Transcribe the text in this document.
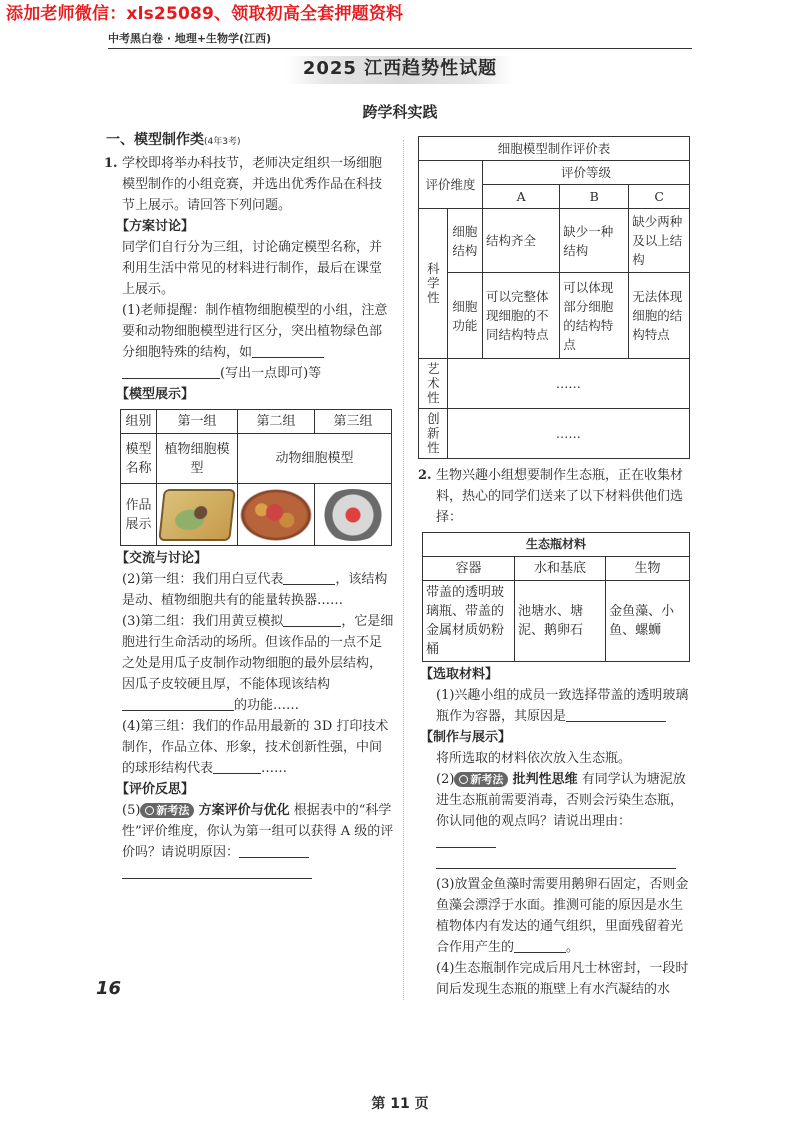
添加老师微信：xls25089、领取初高全套押题资料
中考黑白卷 · 地理+生物学(江西)
2025 江西趋势性试题
跨学科实践
一、模型制作类(4年3考)

1. 学校即将举办科技节，老师决定组织一场细胞模型制作的小组竞赛，并选出优秀作品在科技节上展示。请回答下列问题。

【方案讨论】

同学们自行分为三组，讨论确定模型名称，并利用生活中常见的材料进行制作，最后在课堂上展示。

(1)老师提醒：制作植物细胞模型的小组，注意要和动物细胞模型进行区分，突出植物绿色部分细胞特殊的结构，如
(写出一点即可)等

【模型展示】
组别	第一组	第二组	第三组
模型名称	植物细胞模型	动物细胞模型	
作品展示	

【交流与讨论】

(2)第一组：我们用白豆代表	，该结构是动、植物细胞共有的能量转换器……

(3)第二组：我们用黄豆模拟	，它是细胞进行生命活动的场所。但该作品的一点不足之处是用瓜子皮制作动物细胞的最外层结构，因瓜子皮较硬且厚，不能体现该结构
的功能……

(4)第三组：我们的作品用最新的 3D 打印技术制作，作品立体、形象，技术创新性强，中间的球形结构代表	……

【评价反思】

(5) 新考法 方案评价与优化 根据表中的“科学性”评价维度，你认为第一组可以获得 A 级的评价吗？请说明原因：

16
细胞模型制作评价表				
评价维度		评价等级		
		A	B	C
科学性	细胞结构	结构齐全	缺少一种结构	缺少两种及以上结构
	细胞功能	可以完整体现细胞的不同结构特点	可以体现部分细胞的结构特点	无法体现细胞的结构特点
艺术性	……			
创新性	……			

2. 生物兴趣小组想要制作生态瓶，正在收集材料，热心的同学们送来了以下材料供他们选择：

生态瓶材料		
容器	水和基底	生物
带盖的透明玻璃瓶、带盖的金属材质奶粉桶	池塘水、塘泥、鹅卵石	金鱼藻、小鱼、螺蛳
【选取材料】

(1)兴趣小组的成员一致选择带盖的透明玻璃瓶作为容器，其原因是

【制作与展示】

将所选取的材料依次放入生态瓶。

(2) 新考法 批判性思维 有同学认为塘泥放进生态瓶前需要消毒，否则会污染生态瓶，你认同他的观点吗？请说出理由：

(3)放置金鱼藻时需要用鹅卵石固定，否则金鱼藻会漂浮于水面。推测可能的原因是水生植物体内有发达的通气组织，里面残留着光合作用产生的	。

(4)生态瓶制作完成后用凡士林密封，一段时间后发现生态瓶的瓶壁上有水汽凝结的水

第 11 页
